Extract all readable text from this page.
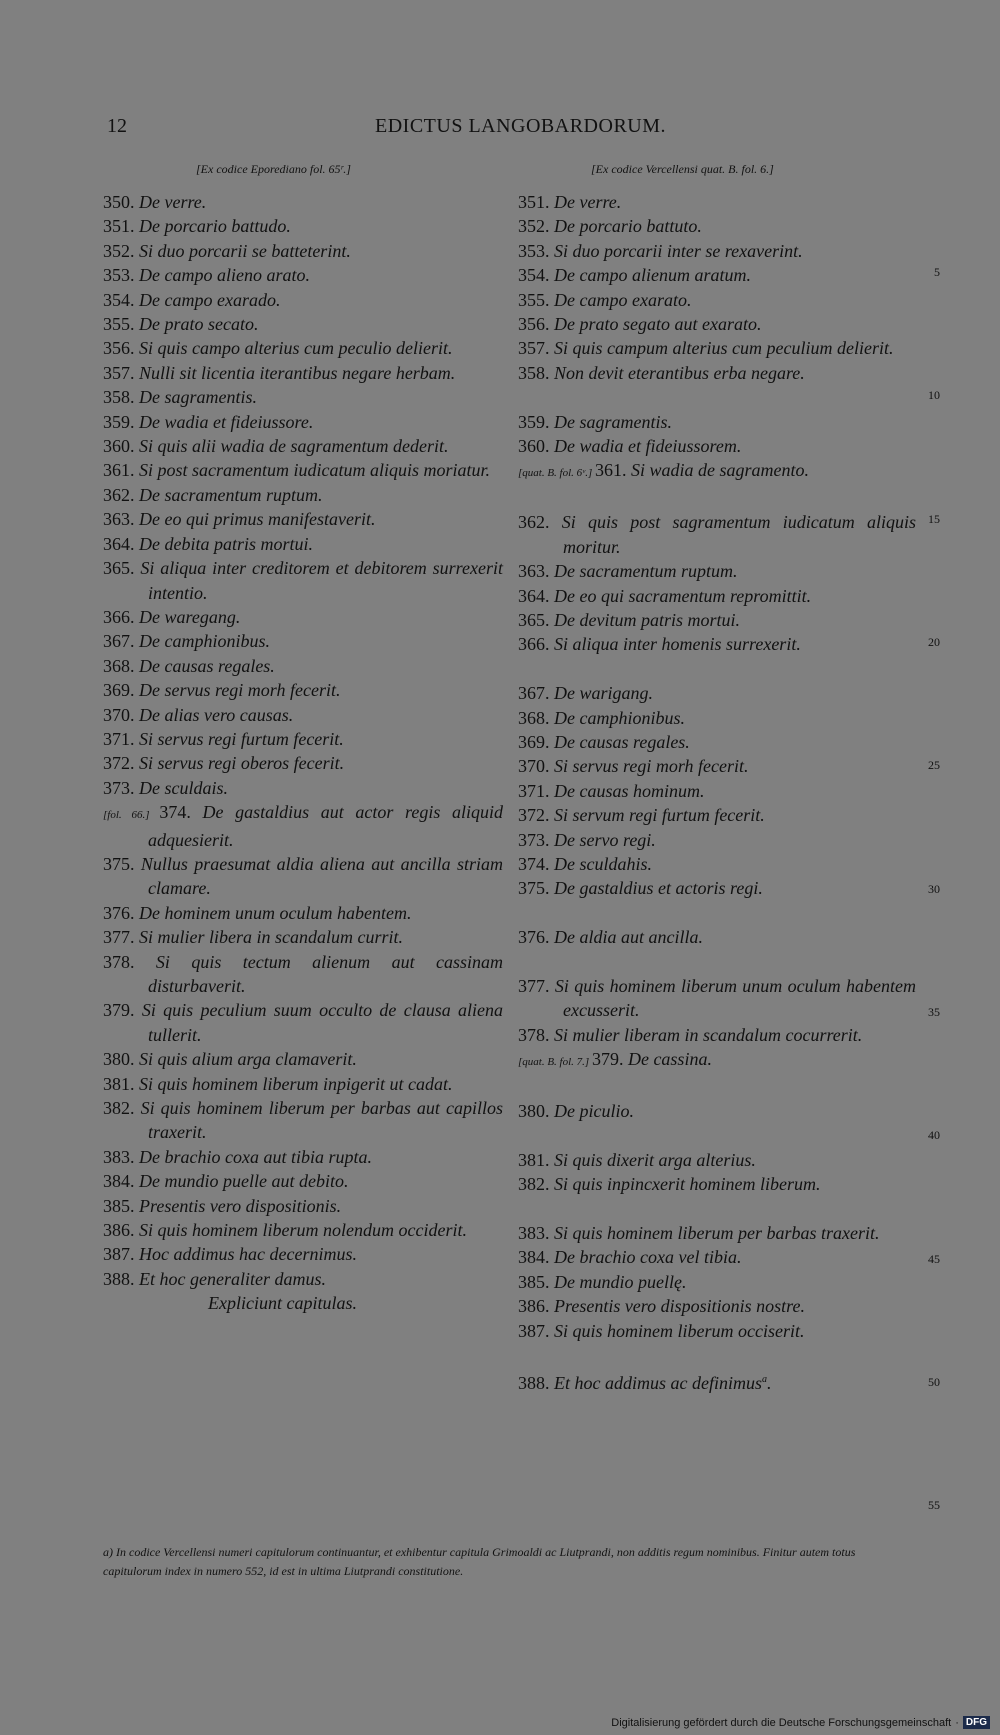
12	EDICTUS LANGOBARDORUM.
[Ex codice Eporediano fol. 65ʳ.]	[Ex codice Vercellensi quat. B. fol. 6.]
350. De verre.
351. De porcario battudo.
352. Si duo porcarii se batteterint.
353. De campo alieno arato.
354. De campo exarado.
355. De prato secato.
356. Si quis campo alterius cum peculio delierit.
357. Nulli sit licentia iterantibus negare herbam.
358. De sagramentis.
359. De wadia et fideiussore.
360. Si quis alii wadia de sagramentum dederit.
361. Si post sacramentum iudicatum aliquis moriatur.
362. De sacramentum ruptum.
363. De eo qui primus manifestaverit.
364. De debita patris mortui.
365. Si aliqua inter creditorem et debitorem surrexerit intentio.
366. De waregang.
367. De camphionibus.
368. De causas regales.
369. De servus regi morh fecerit.
370. De alias vero causas.
371. Si servus regi furtum fecerit.
372. Si servus regi oberos fecerit.
373. De sculdais.
[fol. 66.] 374. De gastaldius aut actor regis aliquid adquesierit.
375. Nullus praesumat aldia aliena aut ancilla striam clamare.
376. De hominem unum oculum habentem.
377. Si mulier libera in scandalum currit.
378. Si quis tectum alienum aut cassinam disturbaverit.
379. Si quis peculium suum occulto de clausa aliena tullerit.
380. Si quis alium arga clamaverit.
381. Si quis hominem liberum inpigerit ut cadat.
382. Si quis hominem liberum per barbas aut capillos traxerit.
383. De brachio coxa aut tibia rupta.
384. De mundio puelle aut debito.
385. Presentis vero dispositionis.
386. Si quis hominem liberum nolendum occiderit.
387. Hoc addimus hac decernimus.
388. Et hoc generaliter damus.
Expliciunt capitulas.
351. De verre.
352. De porcario battuto.
353. Si duo porcarii inter se rexaverint.
354. De campo alienum aratum.
355. De campo exarato.
356. De prato segato aut exarato.
357. Si quis campum alterius cum peculium delierit.
358. Non devit eterantibus erba negare.

359. De sagramentis.
360. De wadia et fideiussorem.
[quat. B. fol. 6ᵛ.] 361. Si wadia de sagramento.

362. Si quis post sagramentum iudicatum aliquis moritur.
363. De sacramentum ruptum.
364. De eo qui sacramentum repromittit.
365. De devitum patris mortui.
366. Si aliqua inter homenis surrexerit.

367. De warigang.
368. De camphionibus.
369. De causas regales.
370. Si servus regi morh fecerit.
371. De causas hominum.
372. Si servum regi furtum fecerit.
373. De servo regi.
374. De sculdahis.
375. De gastaldius et actoris regi.

376. De aldia aut ancilla.

377. Si quis hominem liberum unum oculum habentem excusserit.
378. Si mulier liberam in scandalum cocurrerit.
[quat. B. fol. 7.] 379. De cassina.

380. De piculio.

381. Si quis dixerit arga alterius.
382. Si quis inpincxerit hominem liberum.

383. Si quis hominem liberum per barbas traxerit.
384. De brachio coxa vel tibia.
385. De mundio puellę.
386. Presentis vero dispositionis nostre.
387. Si quis hominem liberum occiserit.

388. Et hoc addimus ac definimus$^a$.
5
10
15
20
25
30
35
40
45
50
55
a) In codice Vercellensi numeri capitulorum continuantur, et exhibentur capitula Grimoaldi ac Liutprandi, non additis regum nominibus. Finitur autem totus capitulorum index in numero 552, id est in ultima Liutprandi constitutione.
Digitalisierung gefördert durch die Deutsche Forschungsgemeinschaft · DFG
